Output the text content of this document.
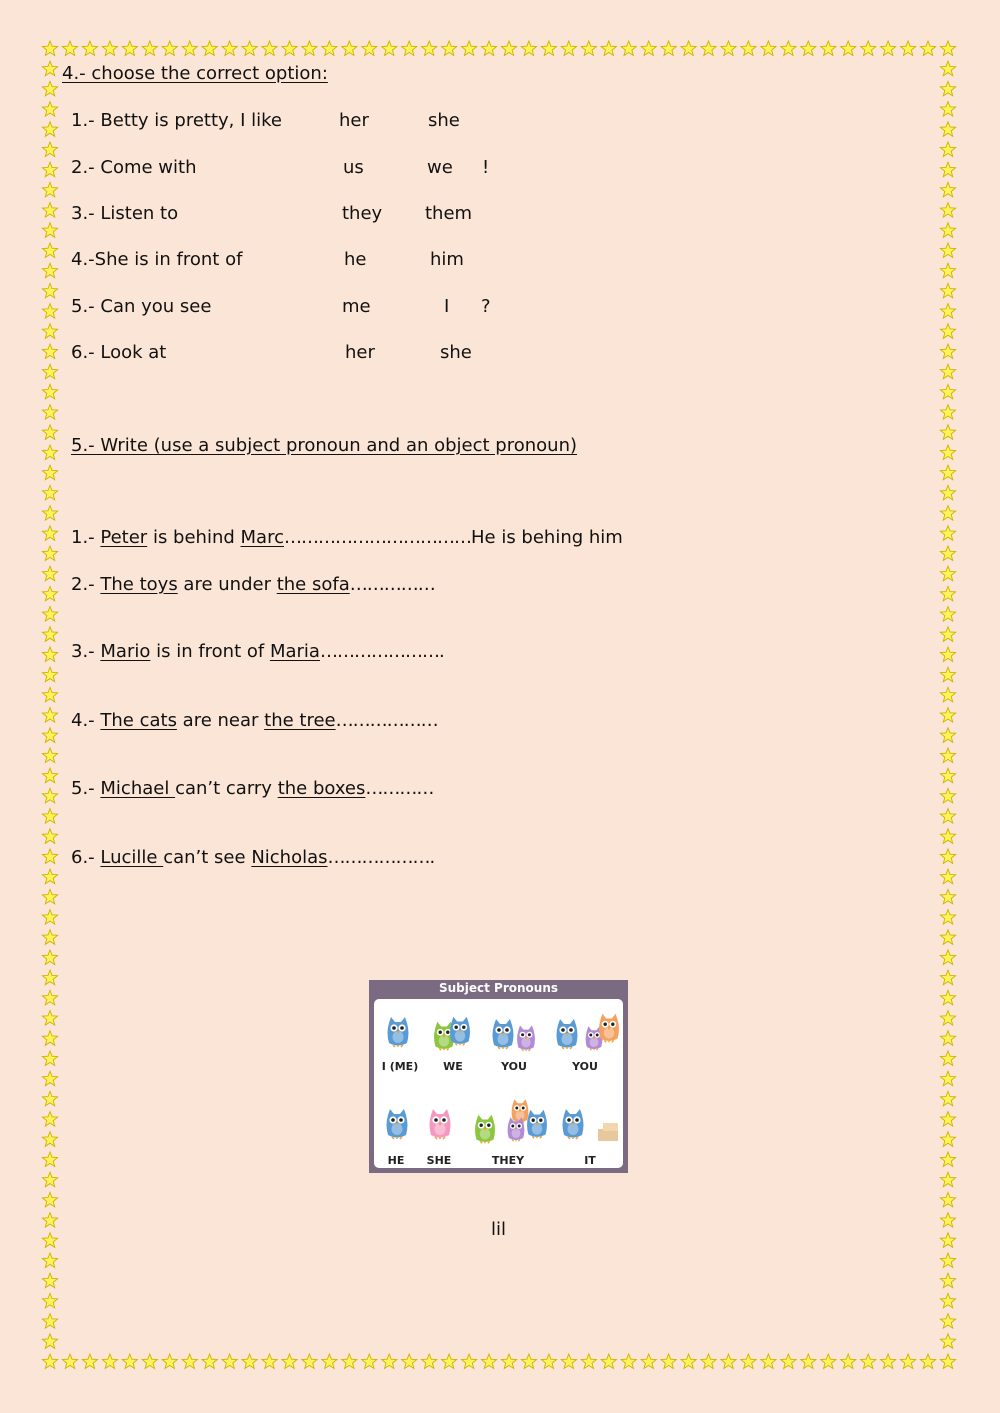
4.- choose the correct option:
1.- Betty is pretty, I like	her	she
2.- Come with	us	we !
3.- Listen to	they them
4.-She is in front of	he	him
5.- Can you see	me	I ?
6.- Look at	her	she
5.- Write (use a subject pronoun and an object pronoun)
1.- Peter is behind Marc……………………………He is behing him
2.- The toys are under the sofa……………
3.- Mario is in front of Maria………………….
4.- The cats are near the tree………………
5.- Michael can’t carry the boxes…………
6.- Lucille can’t see Nicholas……………….
Subject Pronouns
I (ME)	WE	YOU	YOU
HE	SHE	THEY	IT
lil
